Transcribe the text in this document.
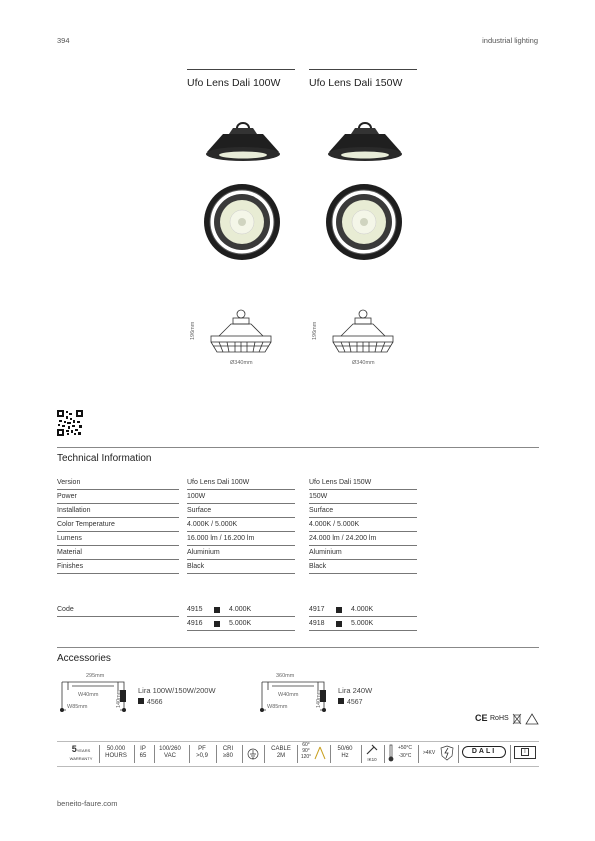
394	industrial lighting
Ufo Lens Dali 100W	Ufo Lens Dali 150W
196mm
Ø340mm
196mm
Ø340mm
Technical Information
Version	Ufo Lens Dali 100W	Ufo Lens Dali 150W
Power	100W	150W
Installation	Surface	Surface
Color Temperature	4.000K / 5.000K	4.000K / 5.000K
Lumens	16.000 lm / 16.200 lm	24.000 lm / 24.200 lm
Material	Aluminium	Aluminium
Finishes	Black	Black
Code	4915	4.000K	4917	4.000K
4916	5.000K	4918	5.000K
Accessories
295mm
W40mm
W85mm	140mm Lira 100W/150W/200W
4566
360mm
W40mm
W85mm	140mm Lira 240W
4567
CE RoHS
5YEARS
WARRANTY
50.000
HOURS
IP
65
100/260
VAC
PF
>0,9
CRI
≥80
CABLE
2M
60°
90°
120°
50/60
Hz
IK10
+50°C
-30°C	>4KV	DALI	I
beneito-faure.com
